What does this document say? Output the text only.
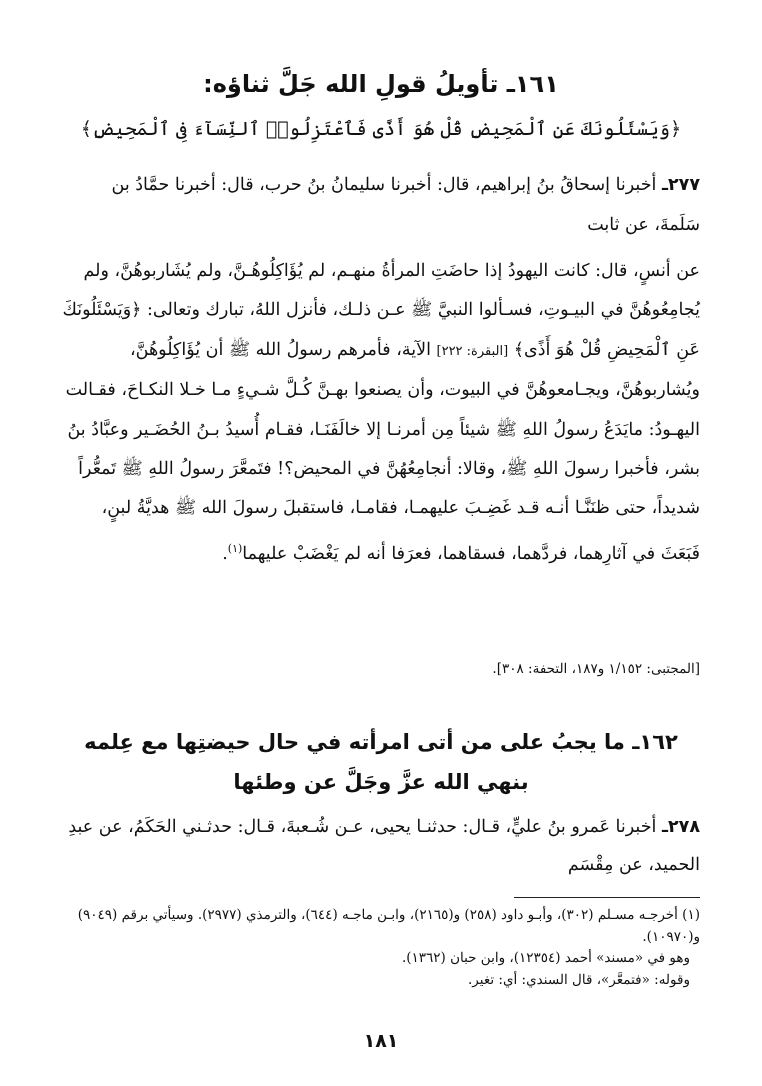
١٦١ـ تأويلُ قولِ الله جَلَّ ثناؤه:
﴿وَيَسْئَلُونَكَ عَنِ ٱلْمَحِيضِ قُلْ هُوَ أَذًى فَٱعْتَزِلُوا۟ ٱلنِّسَآءَ فِى ٱلْمَحِيضِ﴾
٢٧٧ـ أخبرنا إسحاقُ بنُ إبراهيم، قال: أخبرنا سليمانُ بنُ حرب، قال: أخبرنا حمَّادُ بن سَلَمةَ، عن ثابت
عن أنسٍ، قال: كانت اليهودُ إذا حاضَتِ المرأةُ منهـم، لم يُؤَاكِلُوهُـنَّ، ولم يُشَاربوهُنَّ، ولم يُجامِعُوهُنَّ في البيـوتِ، فسـألوا النبيَّ ﷺ عـن ذلـك، فأنزل اللهُ، تبارك وتعالى: ﴿وَيَسْئَلُونَكَ عَنِ ٱلْمَحِيضِ قُلْ هُوَ أَذًى﴾ [البقرة: ٢٢٢] الآية، فأمرهم رسولُ الله ﷺ أن يُؤَاكِلُوهُنَّ، ويُشاربوهُنَّ، ويجـامعوهُنَّ في البيوت، وأن يصنعوا بهـنَّ كُـلَّ شـيءٍ مـا خـلا النكـاحَ، فقـالت اليهـودُ: مايَدَعُ رسولُ اللهِ ﷺ شيئاً مِن أمرنـا إلا خالَفَنَـا، فقـام أُسيدُ بـنُ الحُضَـير وعبَّادُ بنُ بشر، فأخبرا رسولَ اللهِ ﷺ، وقالا: أنجامِعُهُنَّ في المحيض؟! فتَمعَّرَ رسولُ اللهِ ﷺ تَمعُّراً شديداً، حتى ظنَنَّـا أنـه قـد غَضِـبَ عليهمـا، فقامـا، فاستقبلَ رسولَ الله ﷺ هديَّةُ لبنٍ، فَبَعَثَ في آثارِهما، فردَّهما، فسقاهما، فعرَفا أنه لم يَغْضَبْ عليهما$^{(١)}$.
[المجتبى: ١/١٥٢ و١٨٧، التحفة: ٣٠٨].
١٦٢ـ ما يجبُ على من أتى امرأته في حال حيضتِها مع عِلمه بنهي الله عزَّ وجَلَّ عن وطئها
٢٧٨ـ أخبرنا عَمرو بنُ عليٍّ، قـال: حدثنـا يحيى، عـن شُـعبةَ، قـال: حدثـني الحَكَمُ، عن عبدِ الحميد، عن مِقْسَم
(١) أخرجـه مسـلم (٣٠٢)، وأبـو داود (٢٥٨) و(٢١٦٥)، وابـن ماجـه (٦٤٤)، والترمذي (٢٩٧٧). وسيأتي برقم (٩٠٤٩) و(١٠٩٧٠).
وهو في «مسند» أحمد (١٢٣٥٤)، وابن حبان (١٣٦٢).
وقوله: «فتمعَّر»، قال السندي: أي: تغير.
١٨١
